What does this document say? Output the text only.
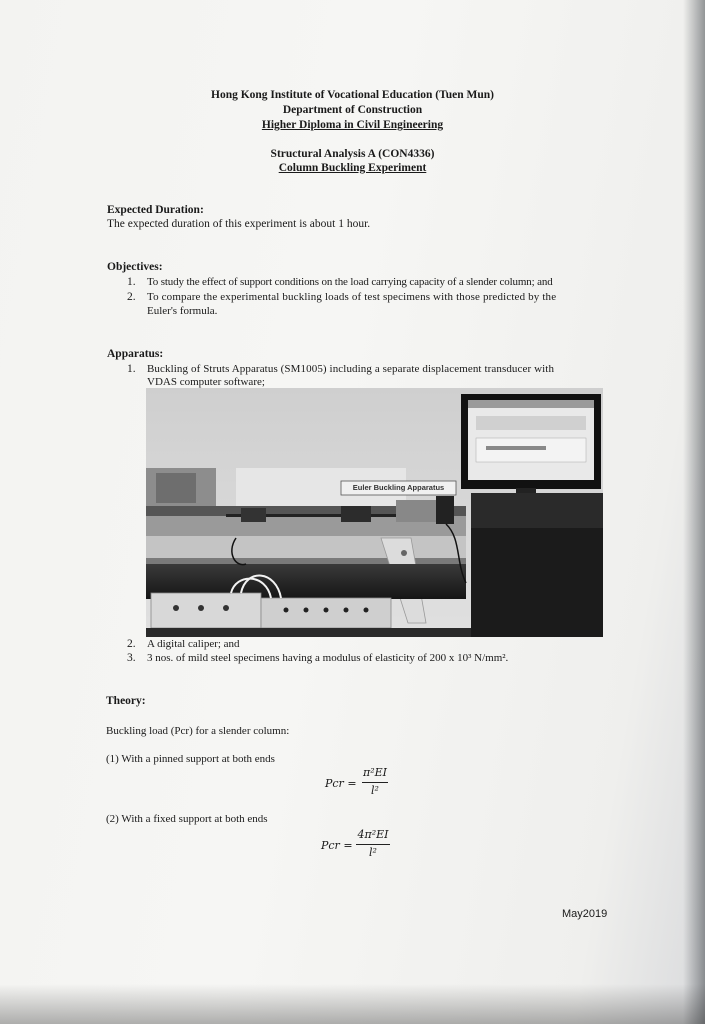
Hong Kong Institute of Vocational Education (Tuen Mun)
Department of Construction
Higher Diploma in Civil Engineering
Structural Analysis A (CON4336)
Column Buckling Experiment
Expected Duration:
The expected duration of this experiment is about 1 hour.
Objectives:
1.	To study the effect of support conditions on the load carrying capacity of a slender column; and
2.	To compare the experimental buckling loads of test specimens with those predicted by the
Euler's formula.
Apparatus:
1.	Buckling of Struts Apparatus (SM1005) including a separate displacement transducer with
VDAS computer software;
Euler Buckling Apparatus
2.	A digital caliper; and
3.	3 nos. of mild steel specimens having a modulus of elasticity of 200 x 10³ N/mm².
Theory:
Buckling load (Pcr) for a slender column:
(1) With a pinned support at both ends
Pcr =
π²EI
l²
(2) With a fixed support at both ends
Pcr =
4π²EI
l²
May2019
